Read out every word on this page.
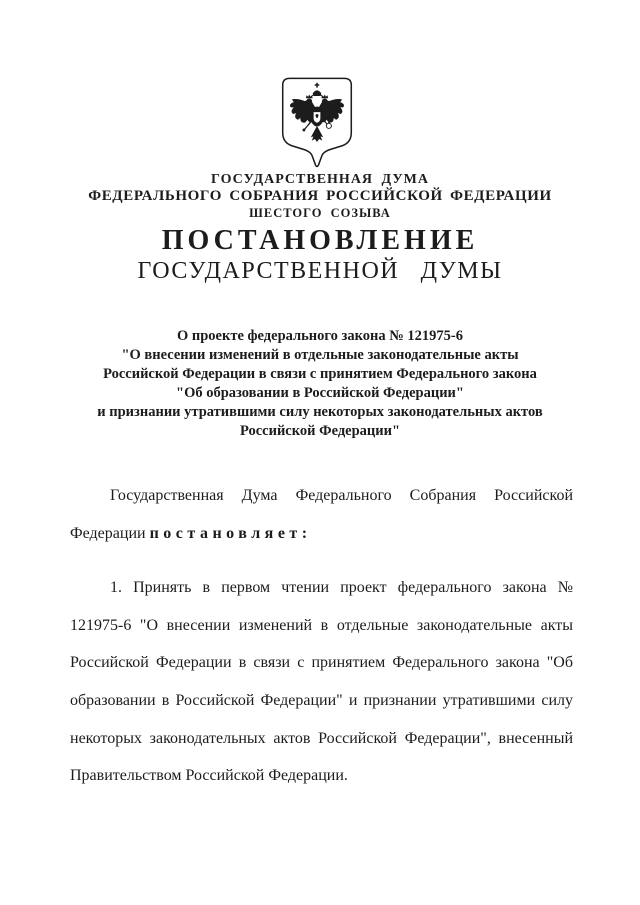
ГОСУДАРСТВЕННАЯ ДУМА
ФЕДЕРАЛЬНОГО СОБРАНИЯ РОССИЙСКОЙ ФЕДЕРАЦИИ
ШЕСТОГО СОЗЫВА
ПОСТАНОВЛЕНИЕ
ГОСУДАРСТВЕННОЙ ДУМЫ
О проекте федерального закона № 121975-6
"О внесении изменений в отдельные законодательные акты
Российской Федерации в связи с принятием Федерального закона
"Об образовании в Российской Федерации"
и признании утратившими силу некоторых законодательных актов
Российской Федерации"

Государственная Дума Федерального Собрания Российской Федерации постановляет:

1. Принять в первом чтении проект федерального закона № 121975-6 "О внесении изменений в отдельные законодательные акты Российской Федерации в связи с принятием Федерального закона "Об образовании в Российской Федерации" и признании утратившими силу некоторых законодательных актов Российской Федерации", внесенный Правительством Российской Федерации.
